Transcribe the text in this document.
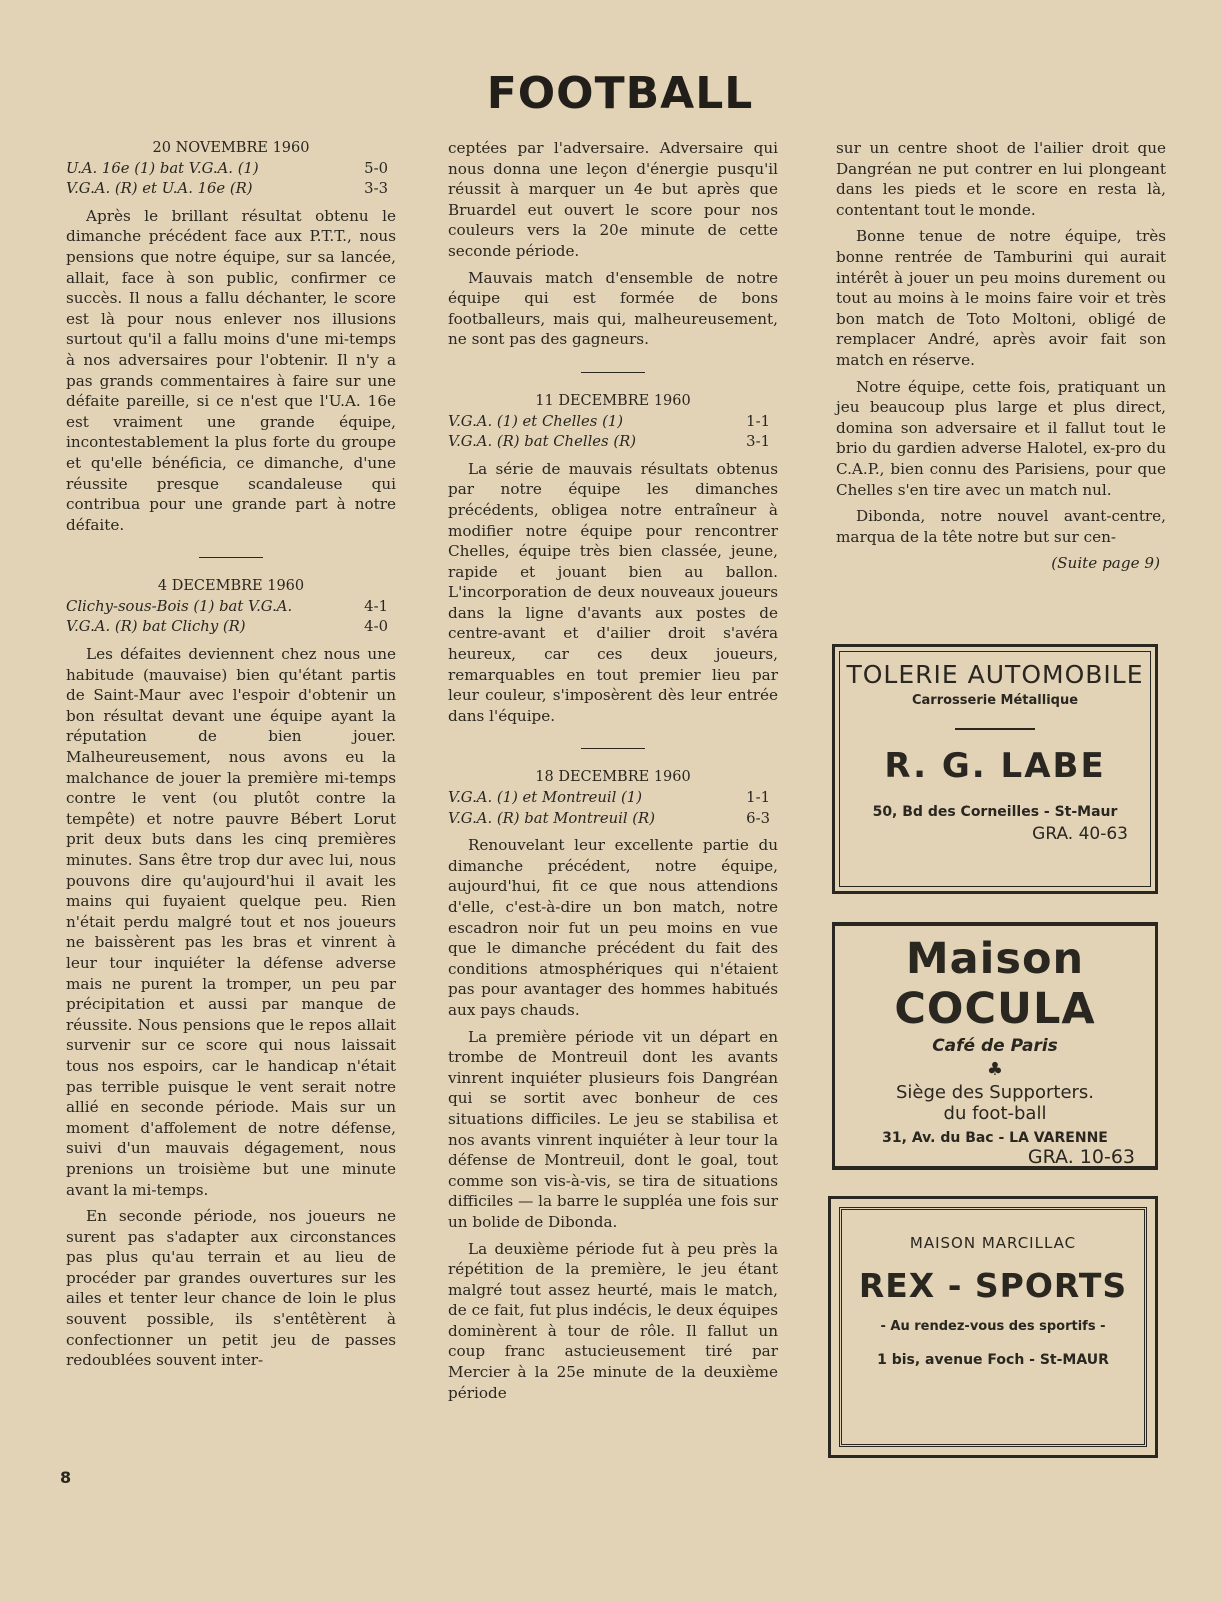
FOOTBALL
20 NOVEMBRE 1960
U.A. 16e (1) bat V.G.A. (1)	5-0
V.G.A. (R) et U.A. 16e (R)	3-3

Après le brillant résultat obtenu le dimanche précédent face aux P.T.T., nous pensions que notre équipe, sur sa lancée, allait, face à son public, confirmer ce succès. Il nous a fallu déchanter, le score est là pour nous enlever nos illusions surtout qu'il a fallu moins d'une mi-temps à nos adversaires pour l'obtenir. Il n'y a pas grands commentaires à faire sur une défaite pareille, si ce n'est que l'U.A. 16e est vraiment une grande équipe, incontestablement la plus forte du groupe et qu'elle bénéficia, ce dimanche, d'une réussite presque scandaleuse qui contribua pour une grande part à notre défaite.

4 DECEMBRE 1960
Clichy-sous-Bois (1) bat V.G.A.	4-1
V.G.A. (R) bat Clichy (R)	4-0

Les défaites deviennent chez nous une habitude (mauvaise) bien qu'étant partis de Saint-Maur avec l'espoir d'obtenir un bon résultat devant une équipe ayant la réputation de bien jouer. Malheureusement, nous avons eu la malchance de jouer la première mi-temps contre le vent (ou plutôt contre la tempête) et notre pauvre Bébert Lorut prit deux buts dans les cinq premières minutes. Sans être trop dur avec lui, nous pouvons dire qu'aujourd'hui il avait les mains qui fuyaient quelque peu. Rien n'était perdu malgré tout et nos joueurs ne baissèrent pas les bras et vinrent à leur tour inquiéter la défense adverse mais ne purent la tromper, un peu par précipitation et aussi par manque de réussite. Nous pensions que le repos allait survenir sur ce score qui nous laissait tous nos espoirs, car le handicap n'était pas terrible puisque le vent serait notre allié en seconde période. Mais sur un moment d'affolement de notre défense, suivi d'un mauvais dégagement, nous prenions un troisième but une minute avant la mi-temps.

En seconde période, nos joueurs ne surent pas s'adapter aux circonstances pas plus qu'au terrain et au lieu de procéder par grandes ouvertures sur les ailes et tenter leur chance de loin le plus souvent possible, ils s'entêtèrent à confectionner un petit jeu de passes redoublées souvent inter-

ceptées par l'adversaire. Adversaire qui nous donna une leçon d'énergie pusqu'il réussit à marquer un 4e but après que Bruardel eut ouvert le score pour nos couleurs vers la 20e minute de cette seconde période.

Mauvais match d'ensemble de notre équipe qui est formée de bons footballeurs, mais qui, malheureusement, ne sont pas des gagneurs.

11 DECEMBRE 1960
V.G.A. (1) et Chelles (1)	1-1
V.G.A. (R) bat Chelles (R)	3-1

La série de mauvais résultats obtenus par notre équipe les dimanches précédents, obligea notre entraîneur à modifier notre équipe pour rencontrer Chelles, équipe très bien classée, jeune, rapide et jouant bien au ballon. L'incorporation de deux nouveaux joueurs dans la ligne d'avants aux postes de centre-avant et d'ailier droit s'avéra heureux, car ces deux joueurs, remarquables en tout premier lieu par leur couleur, s'imposèrent dès leur entrée dans l'équipe.

18 DECEMBRE 1960
V.G.A. (1) et Montreuil (1)	1-1
V.G.A. (R) bat Montreuil (R)	6-3

Renouvelant leur excellente partie du dimanche précédent, notre équipe, aujourd'hui, fit ce que nous attendions d'elle, c'est-à-dire un bon match, notre escadron noir fut un peu moins en vue que le dimanche précédent du fait des conditions atmosphériques qui n'étaient pas pour avantager des hommes habitués aux pays chauds.

La première période vit un départ en trombe de Montreuil dont les avants vinrent inquiéter plusieurs fois Dangréan qui se sortit avec bonheur de ces situations difficiles. Le jeu se stabilisa et nos avants vinrent inquiéter à leur tour la défense de Montreuil, dont le goal, tout comme son vis-à-vis, se tira de situations difficiles — la barre le suppléa une fois sur un bolide de Dibonda.

La deuxième période fut à peu près la répétition de la première, le jeu étant malgré tout assez heurté, mais le match, de ce fait, fut plus indécis, le deux équipes dominèrent à tour de rôle. Il fallut un coup franc astucieusement tiré par Mercier à la 25e minute de la deuxième période

sur un centre shoot de l'ailier droit que Dangréan ne put contrer en lui plongeant dans les pieds et le score en resta là, contentant tout le monde.

Bonne tenue de notre équipe, très bonne rentrée de Tamburini qui aurait intérêt à jouer un peu moins durement ou tout au moins à le moins faire voir et très bon match de Toto Moltoni, obligé de remplacer André, après avoir fait son match en réserve.

Notre équipe, cette fois, pratiquant un jeu beaucoup plus large et plus direct, domina son adversaire et il fallut tout le brio du gardien adverse Halotel, ex-pro du C.A.P., bien connu des Parisiens, pour que Chelles s'en tire avec un match nul.

Dibonda, notre nouvel avant-centre, marqua de la tête notre but sur cen-

(Suite page 9)
TOLERIE AUTOMOBILE
Carrosserie Métallique
R. G. LABE
50, Bd des Corneilles - St-Maur
GRA. 40-63
Maison COCULA
Café de Paris
♣
Siège des Supporters.
du foot-ball
31, Av. du Bac - LA VARENNE
GRA. 10-63
MAISON MARCILLAC
REX - SPORTS
- Au rendez-vous des sportifs -
1 bis, avenue Foch - St-MAUR
8
